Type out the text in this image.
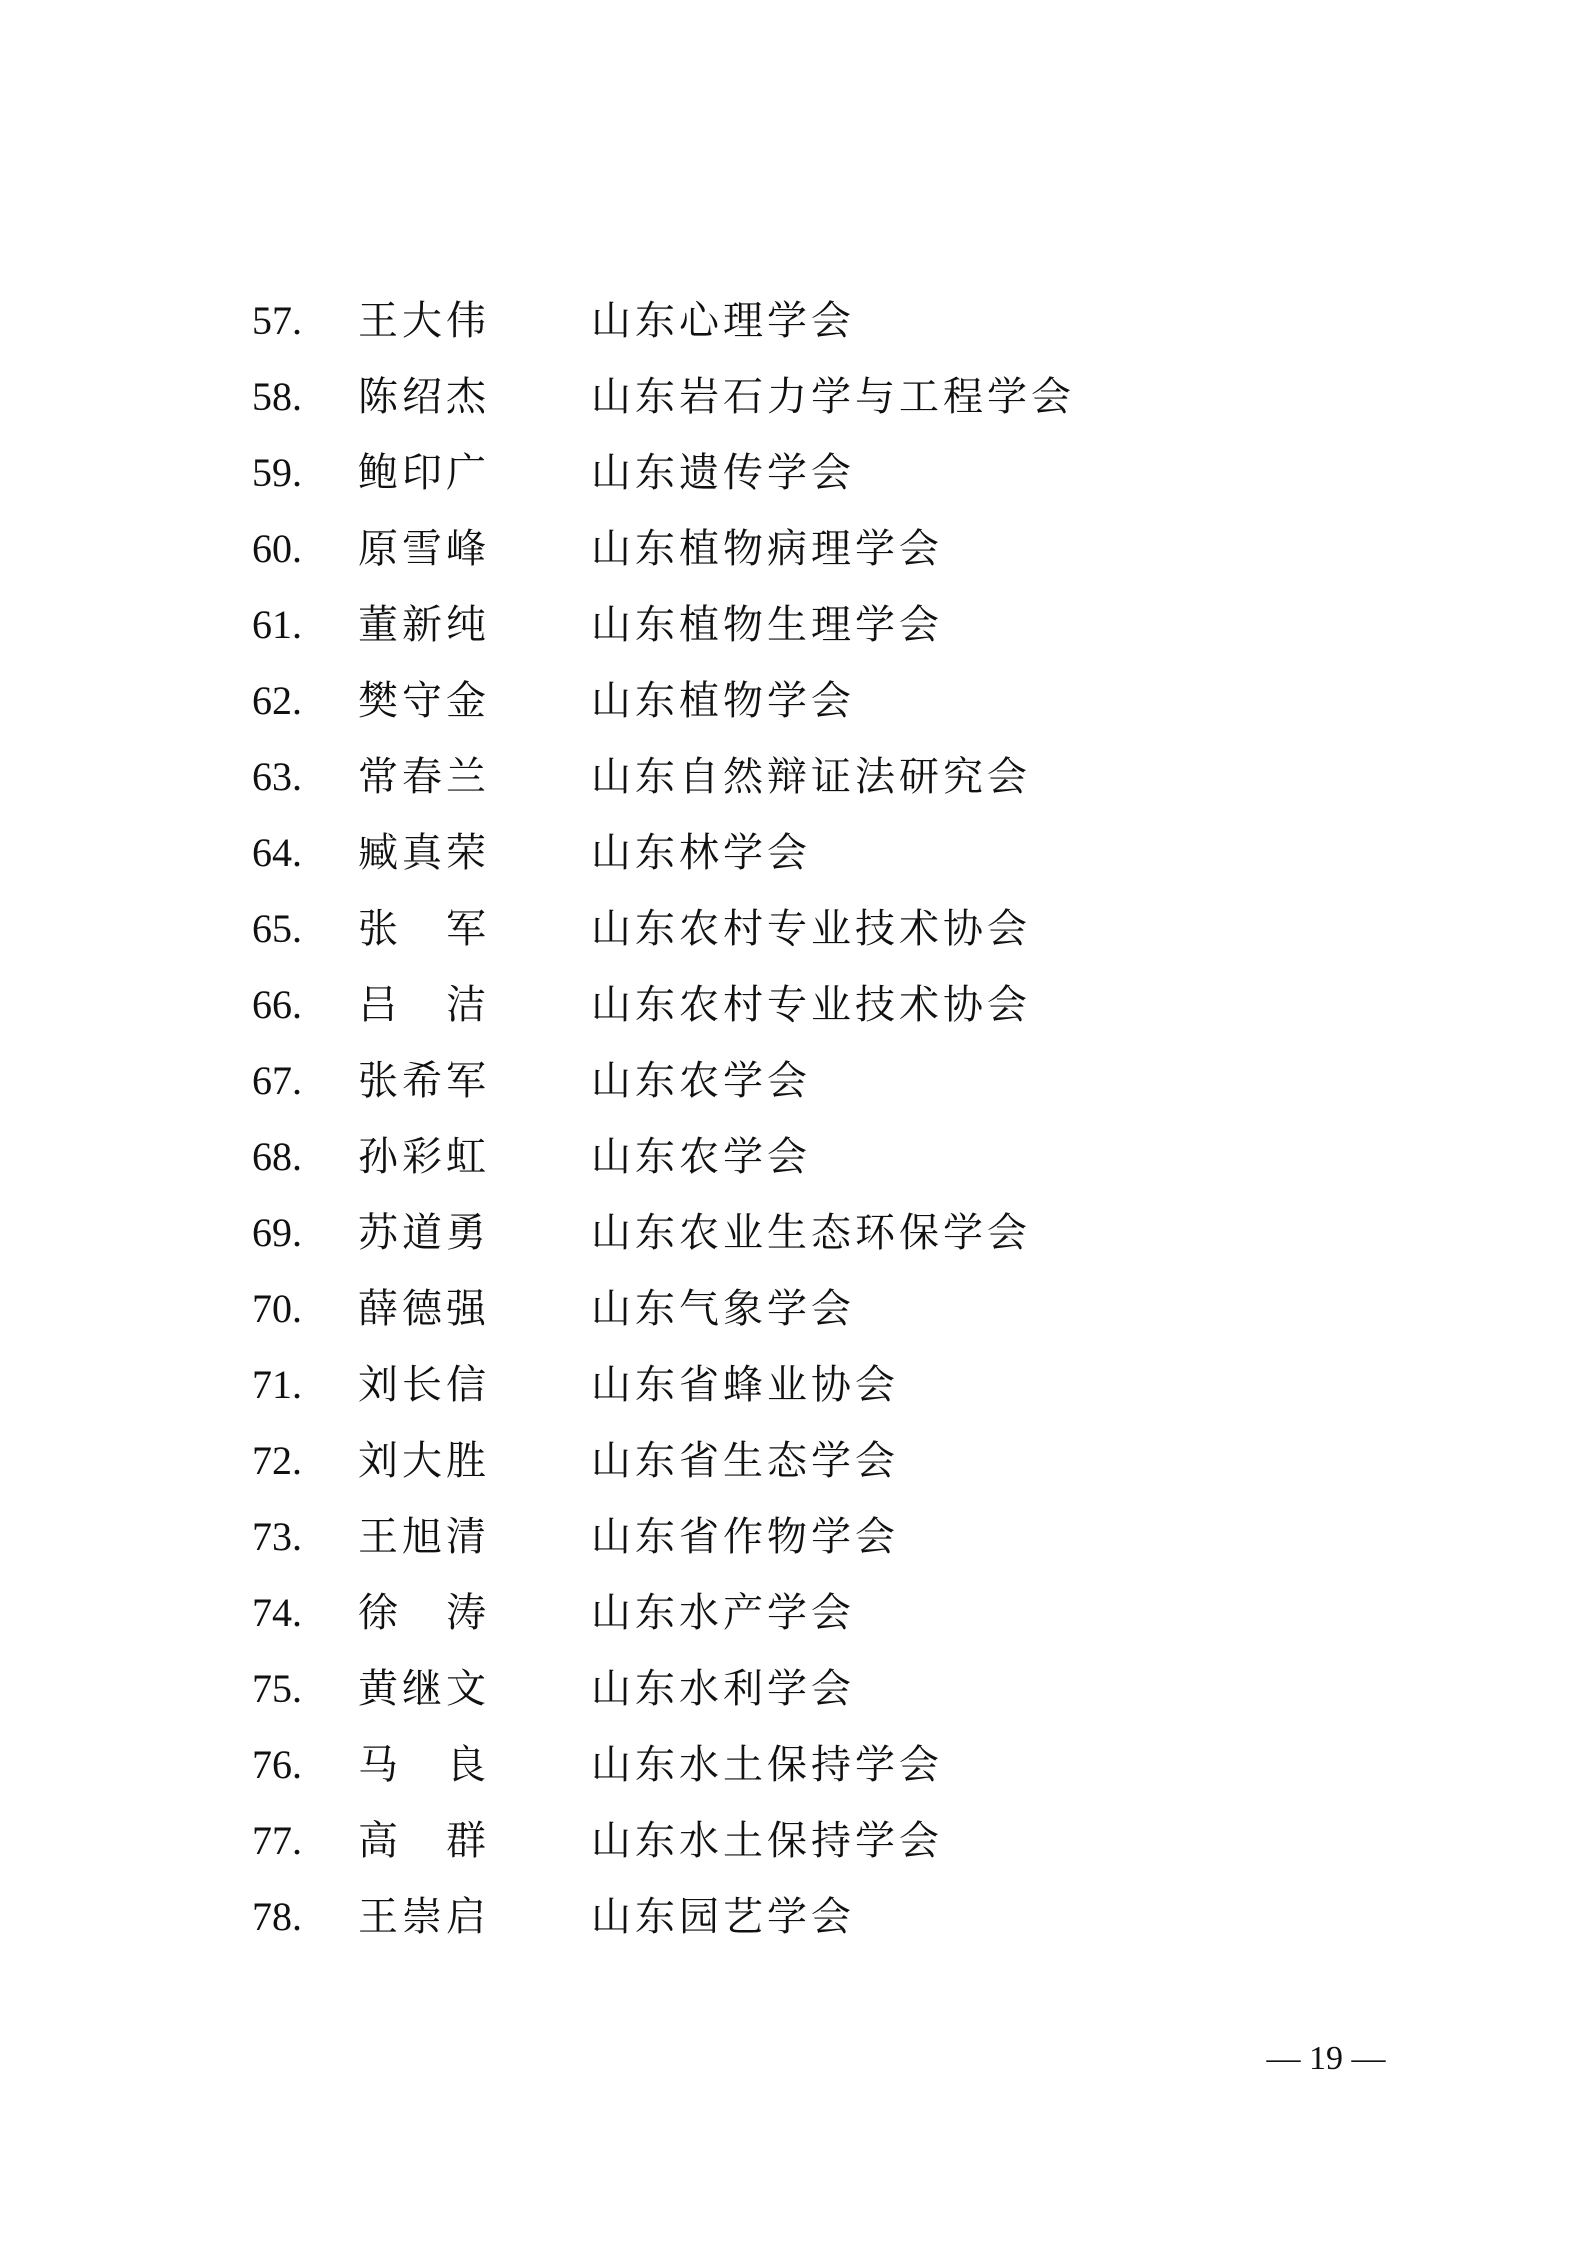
57. 王大伟	山东心理学会
58. 陈绍杰	山东岩石力学与工程学会
59. 鲍印广	山东遗传学会
60. 原雪峰	山东植物病理学会
61. 董新纯	山东植物生理学会
62. 樊守金	山东植物学会
63. 常春兰	山东自然辩证法研究会
64. 臧真荣	山东林学会
65. 张　军	山东农村专业技术协会
66. 吕　洁	山东农村专业技术协会
67. 张希军	山东农学会
68. 孙彩虹	山东农学会
69. 苏道勇	山东农业生态环保学会
70. 薛德强	山东气象学会
71. 刘长信	山东省蜂业协会
72. 刘大胜	山东省生态学会
73. 王旭清	山东省作物学会
74. 徐　涛	山东水产学会
75. 黄继文	山东水利学会
76. 马　良	山东水土保持学会
77. 高　群	山东水土保持学会
78. 王崇启	山东园艺学会
— 19 —
